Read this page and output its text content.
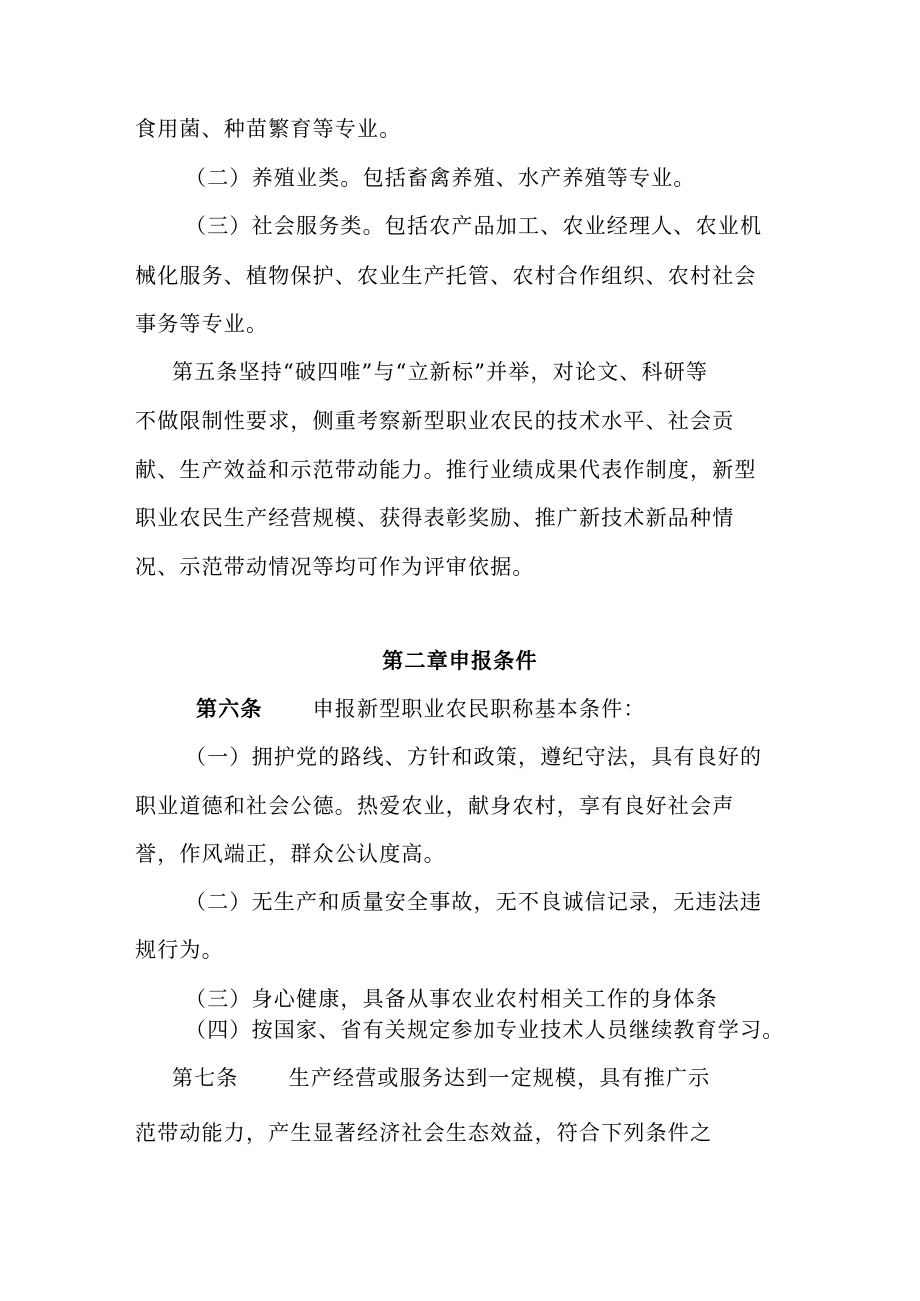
食用菌、种苗繁育等专业。
（二）养殖业类。包括畜禽养殖、水产养殖等专业。
（三）社会服务类。包括农产品加工、农业经理人、农业机
械化服务、植物保护、农业生产托管、农村合作组织、农村社会
事务等专业。
第五条坚持“破四唯”与“立新标”并举，对论文、科研等
不做限制性要求，侧重考察新型职业农民的技术水平、社会贡
献、生产效益和示范带动能力。推行业绩成果代表作制度，新型
职业农民生产经营规模、获得表彰奖励、推广新技术新品种情
况、示范带动情况等均可作为评审依据。
第二章申报条件
第六条 申报新型职业农民职称基本条件：
（一）拥护党的路线、方针和政策，遵纪守法，具有良好的
职业道德和社会公德。热爱农业，献身农村，享有良好社会声
誉，作风端正，群众公认度高。
（二）无生产和质量安全事故，无不良诚信记录，无违法违
规行为。
（三）身心健康，具备从事农业农村相关工作的身体条
（四）按国家、省有关规定参加专业技术人员继续教育学习。
第七条 生产经营或服务达到一定规模，具有推广示
范带动能力，产生显著经济社会生态效益，符合下列条件之
